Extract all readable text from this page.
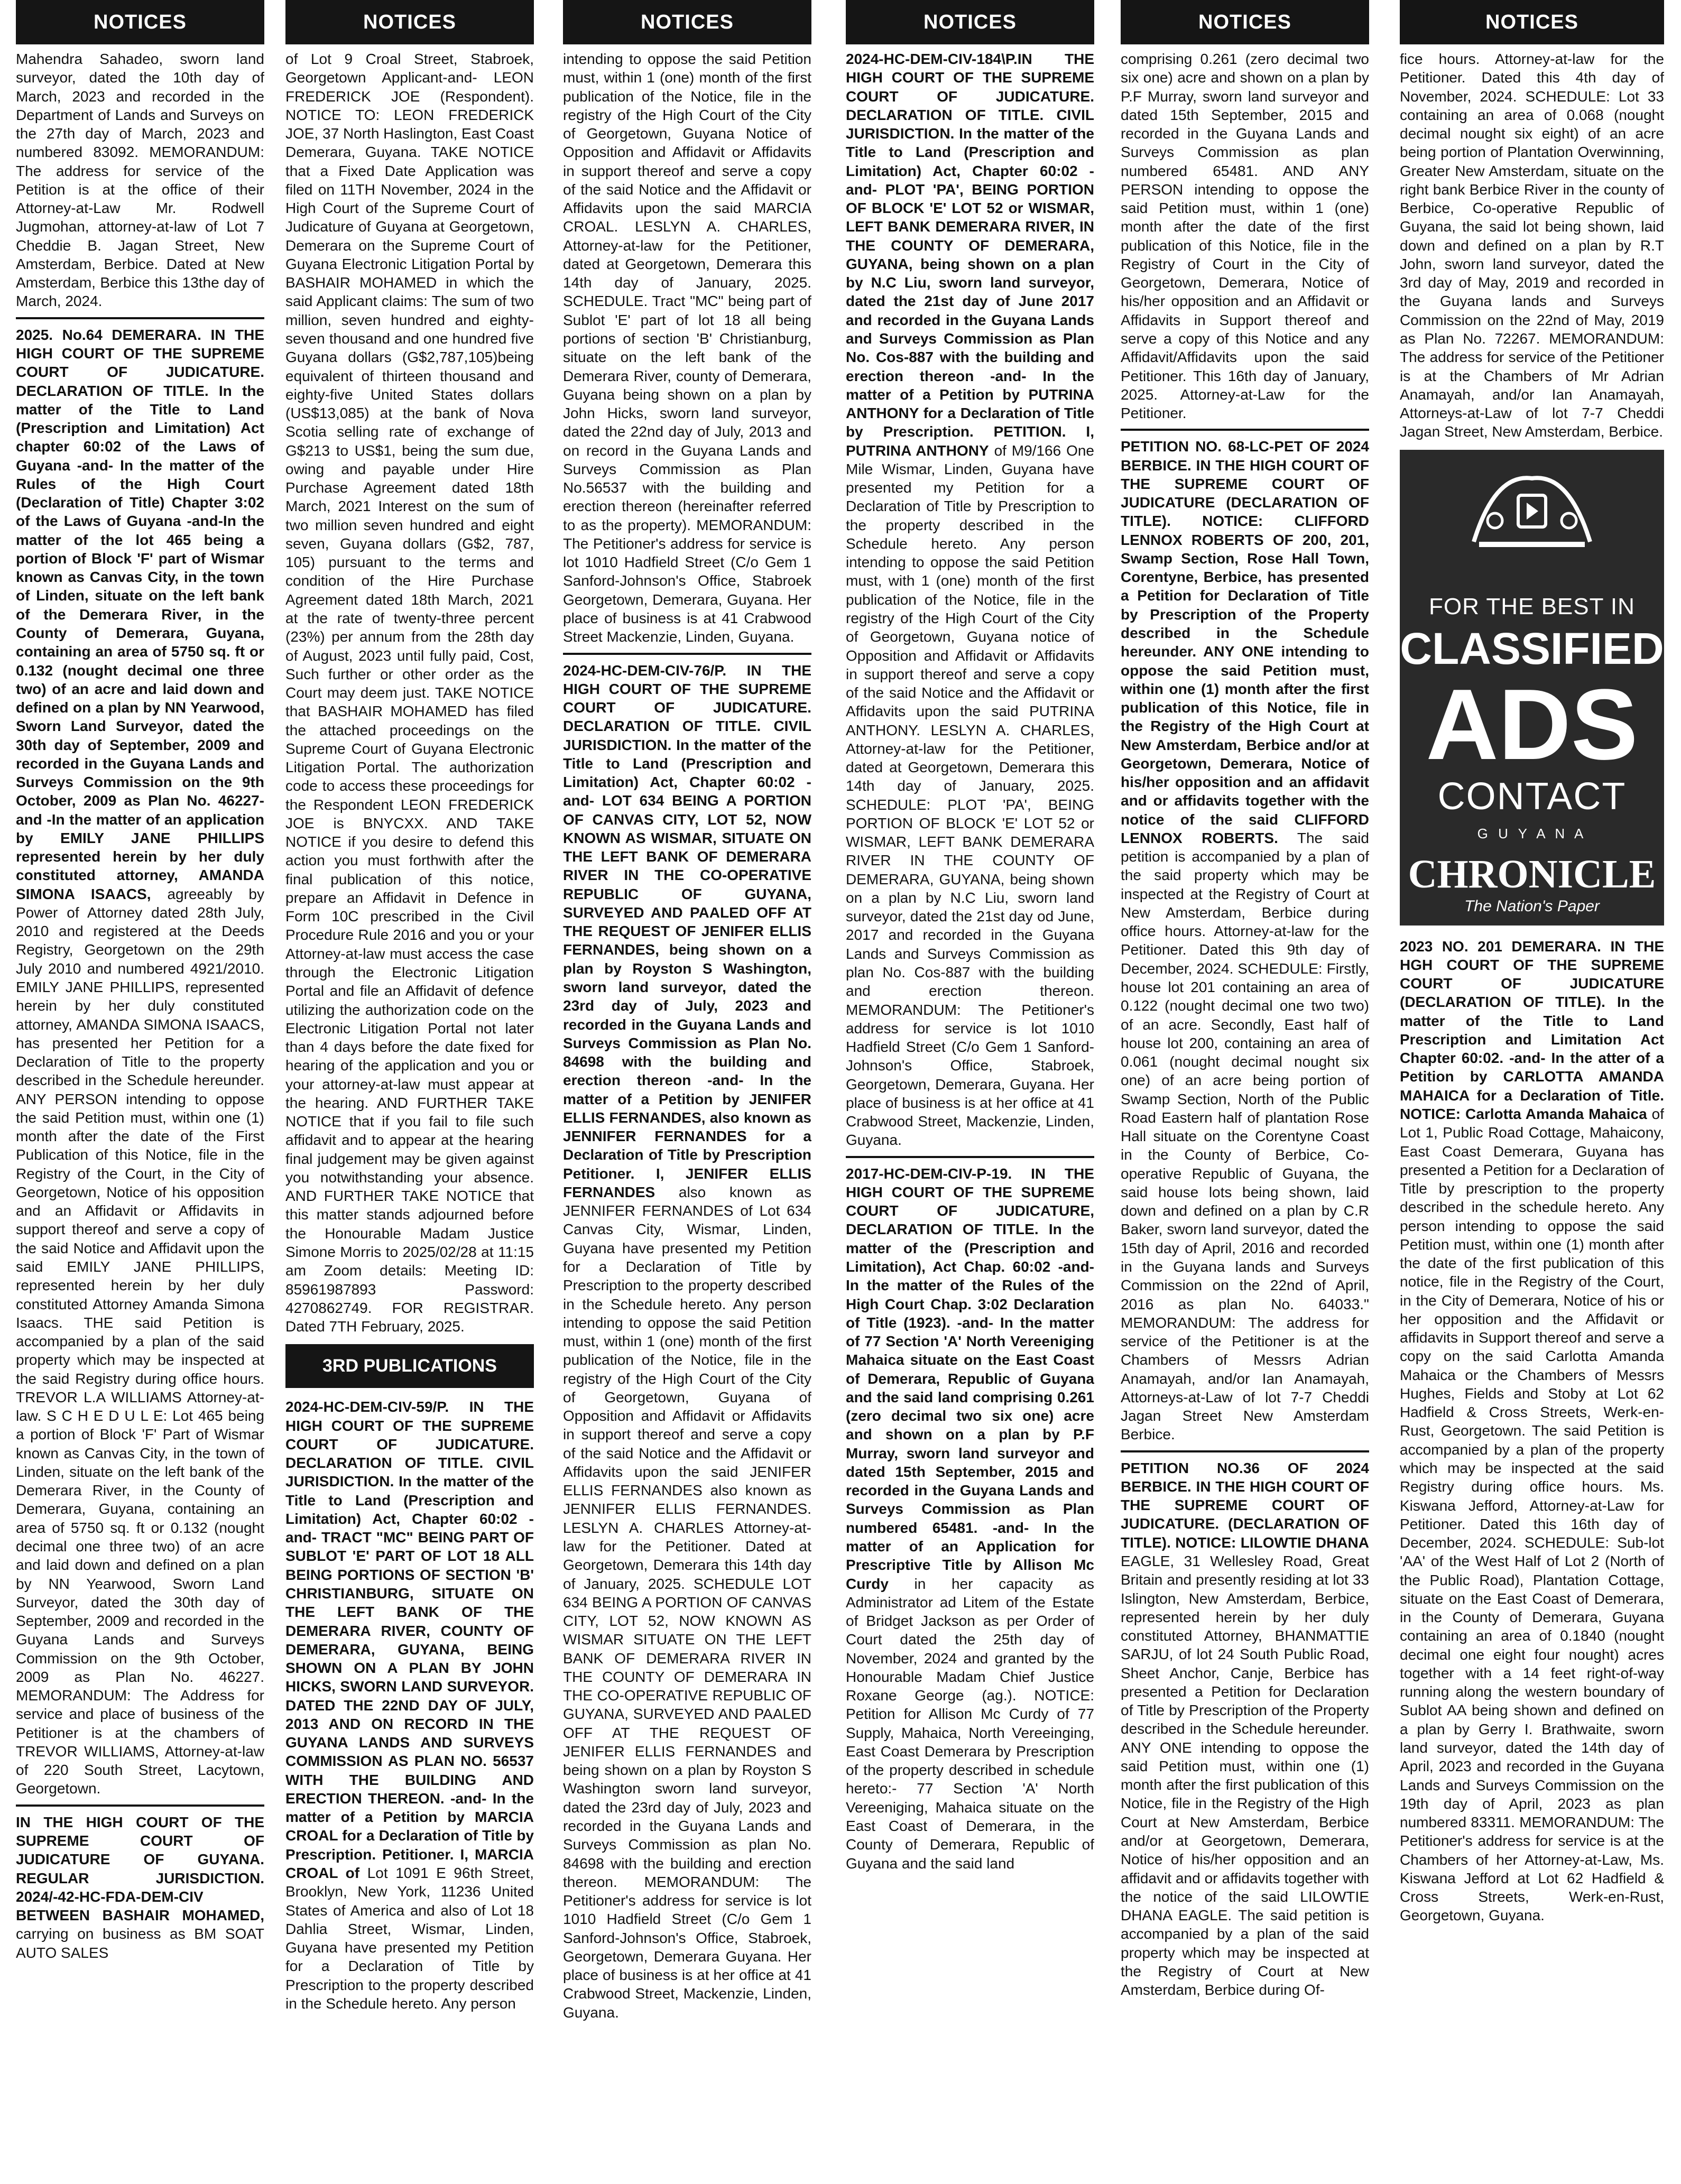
NOTICES

Mahendra Sahadeo, sworn land surveyor, dated the 10th day of March, 2023 and recorded in the Department of Lands and Surveys on the 27th day of March, 2023 and numbered 83092. MEMORANDUM: The address for service of the Petition is at the office of their Attorney-at-Law Mr. Rodwell Jugmohan, attorney-at-law of Lot 7 Cheddie B. Jagan Street, New Amsterdam, Berbice. Dated at New Amsterdam, Berbice this 13the day of March, 2024.

2025. No.64 DEMERARA. IN THE HIGH COURT OF THE SUPREME COURT OF JUDICATURE. DECLARATION OF TITLE. In the matter of the Title to Land (Prescription and Limitation) Act chapter 60:02 of the Laws of Guyana -and- In the matter of the Rules of the High Court (Declaration of Title) Chapter 3:02 of the Laws of Guyana -and-In the matter of the lot 465 being a portion of Block 'F' part of Wismar known as Canvas City, in the town of Linden, situate on the left bank of the Demerara River, in the County of Demerara, Guyana, containing an area of 5750 sq. ft or 0.132 (nought decimal one three two) of an acre and laid down and defined on a plan by NN Yearwood, Sworn Land Surveyor, dated the 30th day of September, 2009 and recorded in the Guyana Lands and Surveys Commission on the 9th October, 2009 as Plan No. 46227-and -In the matter of an application by EMILY JANE PHILLIPS represented herein by her duly constituted attorney, AMANDA SIMONA ISAACS, agreeably by Power of Attorney dated 28th July, 2010 and registered at the Deeds Registry, Georgetown on the 29th July 2010 and numbered 4921/2010. EMILY JANE PHILLIPS, represented herein by her duly constituted attorney, AMANDA SIMONA ISAACS, has presented her Petition for a Declaration of Title to the property described in the Schedule hereunder. ANY PERSON intending to oppose the said Petition must, within one (1) month after the date of the First Publication of this Notice, file in the Registry of the Court, in the City of Georgetown, Notice of his opposition and an Affidavit or Affidavits in support thereof and serve a copy of the said Notice and Affidavit upon the said EMILY JANE PHILLIPS, represented herein by her duly constituted Attorney Amanda Simona Isaacs. THE said Petition is accompanied by a plan of the said property which may be inspected at the said Registry during office hours. TREVOR L.A WILLIAMS Attorney-at-law. S C H E D U L E: Lot 465 being a portion of Block 'F' Part of Wismar known as Canvas City, in the town of Linden, situate on the left bank of the Demerara River, in the County of Demerara, Guyana, containing an area of 5750 sq. ft or 0.132 (nought decimal one three two) of an acre and laid down and defined on a plan by NN Yearwood, Sworn Land Surveyor, dated the 30th day of September, 2009 and recorded in the Guyana Lands and Surveys Commission on the 9th October, 2009 as Plan No. 46227. MEMORANDUM: The Address for service and place of business of the Petitioner is at the chambers of TREVOR WILLIAMS, Attorney-at-law of 220 South Street, Lacytown, Georgetown.

IN THE HIGH COURT OF THE SUPREME COURT OF JUDICATURE OF GUYANA. REGULAR JURISDICTION. 2024/-42-HC-FDA-DEM-CIV BETWEEN BASHAIR MOHAMED, carrying on business as BM SOAT AUTO SALES

NOTICES

of Lot 9 Croal Street, Stabroek, Georgetown Applicant-and- LEON FREDERICK JOE (Respondent). NOTICE TO: LEON FREDERICK JOE, 37 North Haslington, East Coast Demerara, Guyana. TAKE NOTICE that a Fixed Date Application was filed on 11TH November, 2024 in the High Court of the Supreme Court of Judicature of Guyana at Georgetown, Demerara on the Supreme Court of Guyana Electronic Litigation Portal by BASHAIR MOHAMED in which the said Applicant claims: The sum of two million, seven hundred and eighty-seven thousand and one hundred five Guyana dollars (G$2,787,105)being equivalent of thirteen thousand and eighty-five United States dollars (US$13,085) at the bank of Nova Scotia selling rate of exchange of G$213 to US$1, being the sum due, owing and payable under Hire Purchase Agreement dated 18th March, 2021 Interest on the sum of two million seven hundred and eight seven, Guyana dollars (G$2, 787, 105) pursuant to the terms and condition of the Hire Purchase Agreement dated 18th March, 2021 at the rate of twenty-three percent (23%) per annum from the 28th day of August, 2023 until fully paid, Cost, Such further or other order as the Court may deem just. TAKE NOTICE that BASHAIR MOHAMED has filed the attached proceedings on the Supreme Court of Guyana Electronic Litigation Portal. The authorization code to access these proceedings for the Respondent LEON FREDERICK JOE is BNYCXX. AND TAKE NOTICE if you desire to defend this action you must forthwith after the final publication of this notice, prepare an Affidavit in Defence in Form 10C prescribed in the Civil Procedure Rule 2016 and you or your Attorney-at-law must access the case through the Electronic Litigation Portal and file an Affidavit of defence utilizing the authorization code on the Electronic Litigation Portal not later than 4 days before the date fixed for hearing of the application and you or your attorney-at-law must appear at the hearing. AND FURTHER TAKE NOTICE that if you fail to file such affidavit and to appear at the hearing final judgement may be given against you notwithstanding your absence. AND FURTHER TAKE NOTICE that this matter stands adjourned before the Honourable Madam Justice Simone Morris to 2025/02/28 at 11:15 am Zoom details: Meeting ID: 85961987893 Password: 4270862749. FOR REGISTRAR. Dated 7TH February, 2025.

3RD PUBLICATIONS

2024-HC-DEM-CIV-59/P. IN THE HIGH COURT OF THE SUPREME COURT OF JUDICATURE. DECLARATION OF TITLE. CIVIL JURISDICTION. In the matter of the Title to Land (Prescription and Limitation) Act, Chapter 60:02 -and- TRACT "MC" BEING PART OF SUBLOT 'E' PART OF LOT 18 ALL BEING PORTIONS OF SECTION 'B' CHRISTIANBURG, SITUATE ON THE LEFT BANK OF THE DEMERARA RIVER, COUNTY OF DEMERARA, GUYANA, BEING SHOWN ON A PLAN BY JOHN HICKS, SWORN LAND SURVEYOR. DATED THE 22ND DAY OF JULY, 2013 AND ON RECORD IN THE GUYANA LANDS AND SURVEYS COMMISSION AS PLAN NO. 56537 WITH THE BUILDING AND ERECTION THEREON. -and- In the matter of a Petition by MARCIA CROAL for a Declaration of Title by Prescription. Petitioner. I, MARCIA CROAL of Lot 1091 E 96th Street, Brooklyn, New York, 11236 United States of America and also of Lot 18 Dahlia Street, Wismar, Linden, Guyana have presented my Petition for a Declaration of Title by Prescription to the property described in the Schedule hereto. Any person

NOTICES

intending to oppose the said Petition must, within 1 (one) month of the first publication of the Notice, file in the registry of the High Court of the City of Georgetown, Guyana Notice of Opposition and Affidavit or Affidavits in support thereof and serve a copy of the said Notice and the Affidavit or Affidavits upon the said MARCIA CROAL. LESLYN A. CHARLES, Attorney-at-law for the Petitioner, dated at Georgetown, Demerara this 14th day of January, 2025. SCHEDULE. Tract "MC" being part of Sublot 'E' part of lot 18 all being portions of section 'B' Christianburg, situate on the left bank of the Demerara River, county of Demerara, Guyana being shown on a plan by John Hicks, sworn land surveyor, dated the 22nd day of July, 2013 and on record in the Guyana Lands and Surveys Commission as Plan No.56537 with the building and erection thereon (hereinafter referred to as the property). MEMORANDUM: The Petitioner's address for service is lot 1010 Hadfield Street (C/o Gem 1 Sanford-Johnson's Office, Stabroek Georgetown, Demerara, Guyana. Her place of business is at 41 Crabwood Street Mackenzie, Linden, Guyana.

2024-HC-DEM-CIV-76/P. IN THE HIGH COURT OF THE SUPREME COURT OF JUDICATURE. DECLARATION OF TITLE. CIVIL JURISDICTION. In the matter of the Title to Land (Prescription and Limitation) Act, Chapter 60:02 -and- LOT 634 BEING A PORTION OF CANVAS CITY, LOT 52, NOW KNOWN AS WISMAR, SITUATE ON THE LEFT BANK OF DEMERARA RIVER IN THE CO-OPERATIVE REPUBLIC OF GUYANA, SURVEYED AND PAALED OFF AT THE REQUEST OF JENIFER ELLIS FERNANDES, being shown on a plan by Royston S Washington, sworn land surveyor, dated the 23rd day of July, 2023 and recorded in the Guyana Lands and Surveys Commission as Plan No. 84698 with the building and erection thereon -and- In the matter of a Petition by JENIFER ELLIS FERNANDES, also known as JENNIFER FERNANDES for a Declaration of Title by Prescription Petitioner. I, JENIFER ELLIS FERNANDES also known as JENNIFER FERNANDES of Lot 634 Canvas City, Wismar, Linden, Guyana have presented my Petition for a Declaration of Title by Prescription to the property described in the Schedule hereto. Any person intending to oppose the said Petition must, within 1 (one) month of the first publication of the Notice, file in the registry of the High Court of the City of Georgetown, Guyana of Opposition and Affidavit or Affidavits in support thereof and serve a copy of the said Notice and the Affidavit or Affidavits upon the said JENIFER ELLIS FERNANDES also known as JENNIFER ELLIS FERNANDES. LESLYN A. CHARLES Attorney-at-law for the Petitioner. Dated at Georgetown, Demerara this 14th day of January, 2025. SCHEDULE LOT 634 BEING A PORTION OF CANVAS CITY, LOT 52, NOW KNOWN AS WISMAR SITUATE ON THE LEFT BANK OF DEMERARA RIVER IN THE COUNTY OF DEMERARA IN THE CO-OPERATIVE REPUBLIC OF GUYANA, SURVEYED AND PAALED OFF AT THE REQUEST OF JENIFER ELLIS FERNANDES and being shown on a plan by Royston S Washington sworn land surveyor, dated the 23rd day of July, 2023 and recorded in the Guyana Lands and Surveys Commission as plan No. 84698 with the building and erection thereon. MEMORANDUM: The Petitioner's address for service is lot 1010 Hadfield Street (C/o Gem 1 Sanford-Johnson's Office, Stabroek, Georgetown, Demerara Guyana. Her place of business is at her office at 41 Crabwood Street, Mackenzie, Linden, Guyana.

NOTICES

2024-HC-DEM-CIV-184\P.IN THE HIGH COURT OF THE SUPREME COURT OF JUDICATURE. DECLARATION OF TITLE. CIVIL JURISDICTION. In the matter of the Title to Land (Prescription and Limitation) Act, Chapter 60:02 -and- PLOT 'PA', BEING PORTION OF BLOCK 'E' LOT 52 or WISMAR, LEFT BANK DEMERARA RIVER, IN THE COUNTY OF DEMERARA, GUYANA, being shown on a plan by N.C Liu, sworn land surveyor, dated the 21st day of June 2017 and recorded in the Guyana Lands and Surveys Commission as Plan No. Cos-887 with the building and erection thereon -and- In the matter of a Petition by PUTRINA ANTHONY for a Declaration of Title by Prescription. PETITION. I, PUTRINA ANTHONY of M9/166 One Mile Wismar, Linden, Guyana have presented my Petition for a Declaration of Title by Prescription to the property described in the Schedule hereto. Any person intending to oppose the said Petition must, with 1 (one) month of the first publication of the Notice, file in the registry of the High Court of the City of Georgetown, Guyana notice of Opposition and Affidavit or Affidavits in support thereof and serve a copy of the said Notice and the Affidavit or Affidavits upon the said PUTRINA ANTHONY. LESLYN A. CHARLES, Attorney-at-law for the Petitioner, dated at Georgetown, Demerara this 14th day of January, 2025. SCHEDULE: PLOT 'PA', BEING PORTION OF BLOCK 'E' LOT 52 or WISMAR, LEFT BANK DEMERARA RIVER IN THE COUNTY OF DEMERARA, GUYANA, being shown on a plan by N.C Liu, sworn land surveyor, dated the 21st day od June, 2017 and recorded in the Guyana Lands and Surveys Commission as plan No. Cos-887 with the building and erection thereon. MEMORANDUM: The Petitioner's address for service is lot 1010 Hadfield Street (C/o Gem 1 Sanford-Johnson's Office, Stabroek, Georgetown, Demerara, Guyana. Her place of business is at her office at 41 Crabwood Street, Mackenzie, Linden, Guyana.

2017-HC-DEM-CIV-P-19. IN THE HIGH COURT OF THE SUPREME COURT OF JUDICATURE, DECLARATION OF TITLE. In the matter of the (Prescription and Limitation), Act Chap. 60:02 -and- In the matter of the Rules of the High Court Chap. 3:02 Declaration of Title (1923). -and- In the matter of 77 Section 'A' North Vereeniging Mahaica situate on the East Coast of Demerara, Republic of Guyana and the said land comprising 0.261 (zero decimal two six one) acre and shown on a plan by P.F Murray, sworn land surveyor and dated 15th September, 2015 and recorded in the Guyana Lands and Surveys Commission as Plan numbered 65481. -and- In the matter of an Application for Prescriptive Title by Allison Mc Curdy in her capacity as Administrator ad Litem of the Estate of Bridget Jackson as per Order of Court dated the 25th day of November, 2024 and granted by the Honourable Madam Chief Justice Roxane George (ag.). NOTICE: Petition for Allison Mc Curdy of 77 Supply, Mahaica, North Vereeinging, East Coast Demerara by Prescription of the property described in schedule hereto:- 77 Section 'A' North Vereeniging, Mahaica situate on the East Coast of Demerara, in the County of Demerara, Republic of Guyana and the said land

NOTICES

comprising 0.261 (zero decimal two six one) acre and shown on a plan by P.F Murray, sworn land surveyor and dated 15th September, 2015 and recorded in the Guyana Lands and Surveys Commission as plan numbered 65481. AND ANY PERSON intending to oppose the said Petition must, within 1 (one) month after the date of the first publication of this Notice, file in the Registry of Court in the City of Georgetown, Demerara, Notice of his/her opposition and an Affidavit or Affidavits in Support thereof and serve a copy of this Notice and any Affidavit/Affidavits upon the said Petitioner. This 16th day of January, 2025. Attorney-at-Law for the Petitioner.

PETITION NO. 68-LC-PET OF 2024 BERBICE. IN THE HIGH COURT OF THE SUPREME COURT OF JUDICATURE (DECLARATION OF TITLE). NOTICE: CLIFFORD LENNOX ROBERTS OF 200, 201, Swamp Section, Rose Hall Town, Corentyne, Berbice, has presented a Petition for Declaration of Title by Prescription of the Property described in the Schedule hereunder. ANY ONE intending to oppose the said Petition must, within one (1) month after the first publication of this Notice, file in the Registry of the High Court at New Amsterdam, Berbice and/or at Georgetown, Demerara, Notice of his/her opposition and an affidavit and or affidavits together with the notice of the said CLIFFORD LENNOX ROBERTS. The said petition is accompanied by a plan of the said property which may be inspected at the Registry of Court at New Amsterdam, Berbice during office hours. Attorney-at-law for the Petitioner. Dated this 9th day of December, 2024. SCHEDULE: Firstly, house lot 201 containing an area of 0.122 (nought decimal one two two) of an acre. Secondly, East half of house lot 200, containing an area of 0.061 (nought decimal nought six one) of an acre being portion of Swamp Section, North of the Public Road Eastern half of plantation Rose Hall situate on the Corentyne Coast in the County of Berbice, Co-operative Republic of Guyana, the said house lots being shown, laid down and defined on a plan by C.R Baker, sworn land surveyor, dated the 15th day of April, 2016 and recorded in the Guyana lands and Surveys Commission on the 22nd of April, 2016 as plan No. 64033." MEMORANDUM: The address for service of the Petitioner is at the Chambers of Messrs Adrian Anamayah, and/or Ian Anamayah, Attorneys-at-Law of lot 7-7 Cheddi Jagan Street New Amsterdam Berbice.

PETITION NO.36 OF 2024 BERBICE. IN THE HIGH COURT OF THE SUPREME COURT OF JUDICATURE. (DECLARATION OF TITLE). NOTICE: LILOWTIE DHANA EAGLE, 31 Wellesley Road, Great Britain and presently residing at lot 33 Islington, New Amsterdam, Berbice, represented herein by her duly constituted Attorney, BHANMATTIE SARJU, of lot 24 South Public Road, Sheet Anchor, Canje, Berbice has presented a Petition for Declaration of Title by Prescription of the Property described in the Schedule hereunder. ANY ONE intending to oppose the said Petition must, within one (1) month after the first publication of this Notice, file in the Registry of the High Court at New Amsterdam, Berbice and/or at Georgetown, Demerara, Notice of his/her opposition and an affidavit and or affidavits together with the notice of the said LILOWTIE DHANA EAGLE. The said petition is accompanied by a plan of the said property which may be inspected at the Registry of Court at New Amsterdam, Berbice during Of-

NOTICES

fice hours. Attorney-at-law for the Petitioner. Dated this 4th day of November, 2024. SCHEDULE: Lot 33 containing an area of 0.068 (nought decimal nought six eight) of an acre being portion of Plantation Overwinning, Greater New Amsterdam, situate on the right bank Berbice River in the county of Berbice, Co-operative Republic of Guyana, the said lot being shown, laid down and defined on a plan by R.T John, sworn land surveyor, dated the 3rd day of May, 2019 and recorded in the Guyana lands and Surveys Commission on the 22nd of May, 2019 as Plan No. 72267. MEMORANDUM: The address for service of the Petitioner is at the Chambers of Mr Adrian Anamayah, and/or Ian Anamayah, Attorneys-at-Law of lot 7-7 Cheddi Jagan Street, New Amsterdam, Berbice.

FOR THE BEST IN
CLASSIFIED
ADS
CONTACT
G U Y A N A
CHRONICLE
The Nation's Paper

2023 NO. 201 DEMERARA. IN THE HGH COURT OF THE SUPREME COURT OF JUDICATURE (DECLARATION OF TITLE). In the matter of the Title to Land Prescription and Limitation Act Chapter 60:02. -and- In the atter of a Petition by CARLOTTA AMANDA MAHAICA for a Declaration of Title. NOTICE: Carlotta Amanda Mahaica of Lot 1, Public Road Cottage, Mahaicony, East Coast Demerara, Guyana has presented a Petition for a Declaration of Title by prescription to the property described in the schedule hereto. Any person intending to oppose the said Petition must, within one (1) month after the date of the first publication of this notice, file in the Registry of the Court, in the City of Demerara, Notice of his or her opposition and the Affidavit or affidavits in Support thereof and serve a copy on the said Carlotta Amanda Mahaica or the Chambers of Messrs Hughes, Fields and Stoby at Lot 62 Hadfield & Cross Streets, Werk-en-Rust, Georgetown. The said Petition is accompanied by a plan of the property which may be inspected at the said Registry during office hours. Ms. Kiswana Jefford, Attorney-at-Law for Petitioner. Dated this 16th day of December, 2024. SCHEDULE: Sub-lot 'AA' of the West Half of Lot 2 (North of the Public Road), Plantation Cottage, situate on the East Coast of Demerara, in the County of Demerara, Guyana containing an area of 0.1840 (nought decimal one eight four nought) acres together with a 14 feet right-of-way running along the western boundary of Sublot AA being shown and defined on a plan by Gerry I. Brathwaite, sworn land surveyor, dated the 14th day of April, 2023 and recorded in the Guyana Lands and Surveys Commission on the 19th day of April, 2023 as plan numbered 83311. MEMORANDUM: The Petitioner's address for service is at the Chambers of her Attorney-at-Law, Ms. Kiswana Jefford at Lot 62 Hadfield & Cross Streets, Werk-en-Rust, Georgetown, Guyana.
